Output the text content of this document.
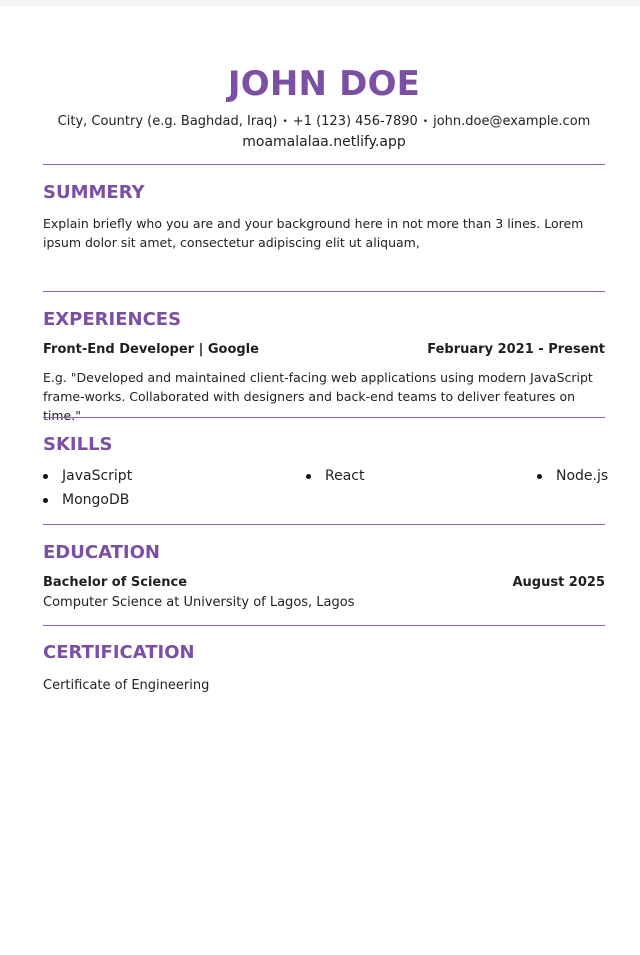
JOHN DOE
City, Country (e.g. Baghdad, Iraq) • +1 (123) 456-7890 • john.doe@example.com
moamalalaa.netlify.app
SUMMERY
Explain briefly who you are and your background here in not more than 3 lines. Lorem ipsum dolor sit amet, consectetur adipiscing elit ut aliquam,
EXPERIENCES
Front-End Developer | Google	February 2021 - Present
E.g. "Developed and maintained client-facing web applications using modern JavaScript frame-works. Collaborated with designers and back-end teams to deliver features on time."
SKILLS
JavaScript	React	Node.js
MongoDB
EDUCATION
Bachelor of Science	August 2025
Computer Science at University of Lagos, Lagos
CERTIFICATION
Certificate of Engineering
